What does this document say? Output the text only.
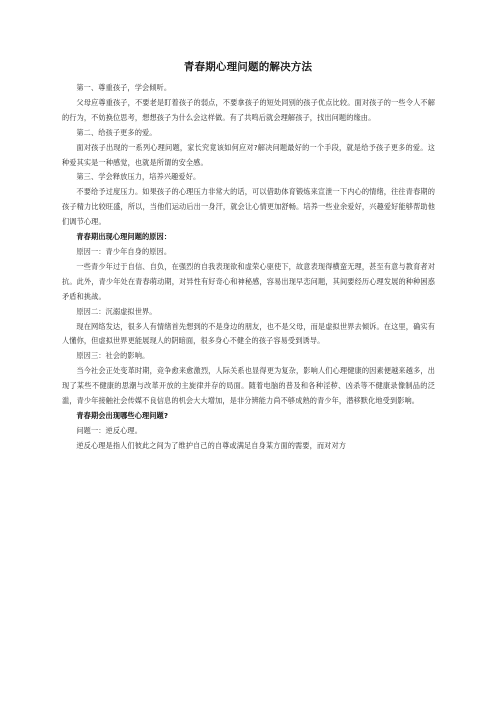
青春期心理问题的解决方法

第一、尊重孩子，学会倾听。

父母应尊重孩子，不要老是盯着孩子的弱点，不要拿孩子的短处同别的孩子优点比较。面对孩子的一些令人不解的行为，不妨换位思考，想想孩子为什么会这样做。有了共鸣后就会理解孩子，找出问题的缘由。

第二、给孩子更多的爱。

面对孩子出现的一系列心理问题，家长究竟该如何应对?解决问题最好的一个手段，就是给予孩子更多的爱。这种爱其实是一种感觉，也就是所谓的安全感。

第三、学会释放压力，培养兴趣爱好。

不要给予过度压力。如果孩子的心理压力非常大的话，可以借助体育锻炼来宣泄一下内心的情绪，往往青春期的孩子精力比较旺盛，所以，当他们运动后出一身汗，就会让心情更加舒畅。培养一些业余爱好，兴趣爱好能够帮助他们调节心理。

青春期出现心理问题的原因：

原因一：青少年自身的原因。

一些青少年过于自信、自负，在强烈的自我表现欲和虚荣心驱使下，故意表现得横蛮无理，甚至有意与教育者对抗。此外，青少年处在青春萌动期，对异性有好奇心和神秘感，容易出现早恋问题，其间要经历心理发展的种种困惑矛盾和挑战。

原因二：沉溺虚拟世界。

现在网络发达，很多人有情绪首先想到的不是身边的朋友，也不是父母，而是虚拟世界去倾诉。在这里，确实有人懂你，但虚拟世界更能展现人的阴暗面，很多身心不健全的孩子容易受到诱导。

原因三：社会的影响。

当今社会正处变革时期，竞争愈来愈激烈，人际关系也显得更为复杂，影响人们心理健康的因素便越来越多，出现了某些不健康的思潮与改革开放的主旋律并存的局面。随着电脑的普及和各种淫秽、凶杀等不健康录像制品的泛滥，青少年接触社会传媒不良信息的机会大大增加，是非分辨能力尚不够成熟的青少年，潜移默化地受到影响。

青春期会出现哪些心理问题?

问题一：逆反心理。

逆反心理是指人们彼此之间为了维护自己的自尊或满足自身某方面的需要，而对对方
